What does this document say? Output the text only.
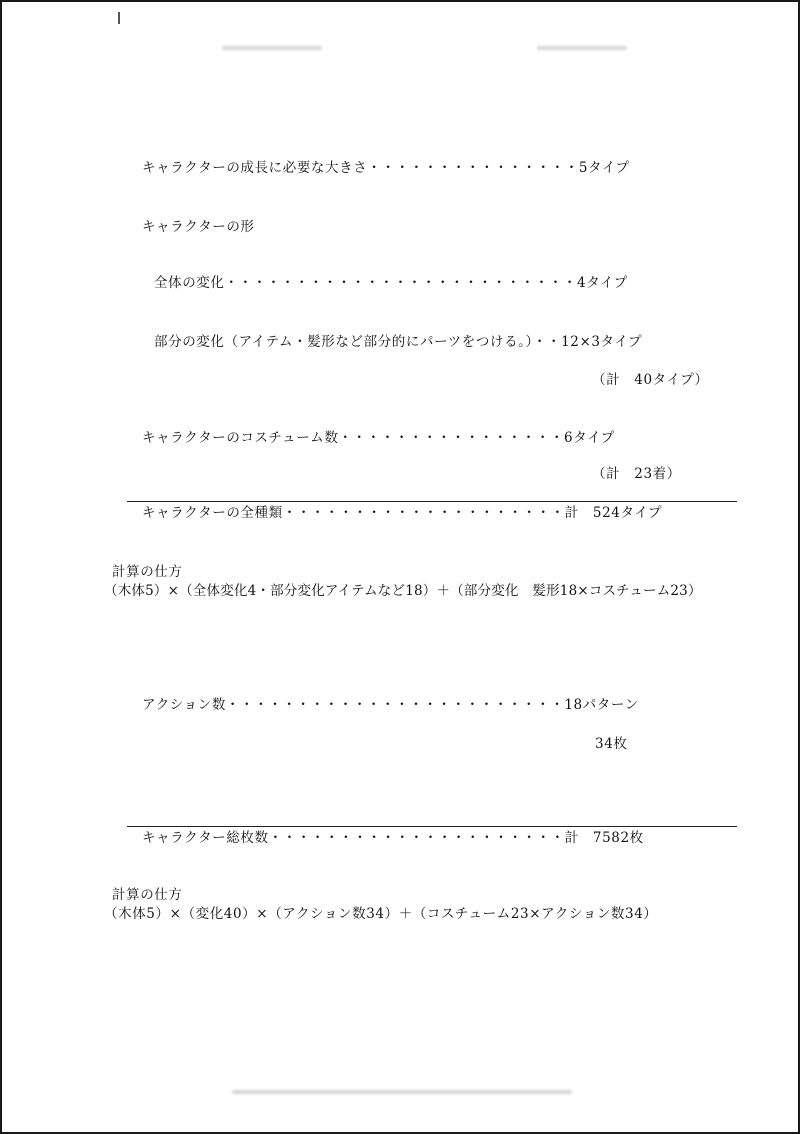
キャラクターの成長に必要な大きさ・・・・・・・・・・・・・・・5タイプ
キャラクターの形
全体の変化・・・・・・・・・・・・・・・・・・・・・・・・・4タイプ
部分の変化（アイテム・髪形など部分的にパーツをつける。）・・12×3タイプ
（計　40タイプ）
キャラクターのコスチューム数・・・・・・・・・・・・・・・・6タイプ
（計　23着）
キャラクターの全種類・・・・・・・・・・・・・・・・・・・・計　524タイプ
計算の仕方
（木体5）×（全体変化4・部分変化アイテムなど18）＋（部分変化　髪形18×コスチューム23）
アクション数・・・・・・・・・・・・・・・・・・・・・・・・18パターン
34枚
キャラクター総枚数・・・・・・・・・・・・・・・・・・・・・計　7582枚
計算の仕方
（木体5）×（変化40）×（アクション数34）＋（コスチューム23×アクション数34）
